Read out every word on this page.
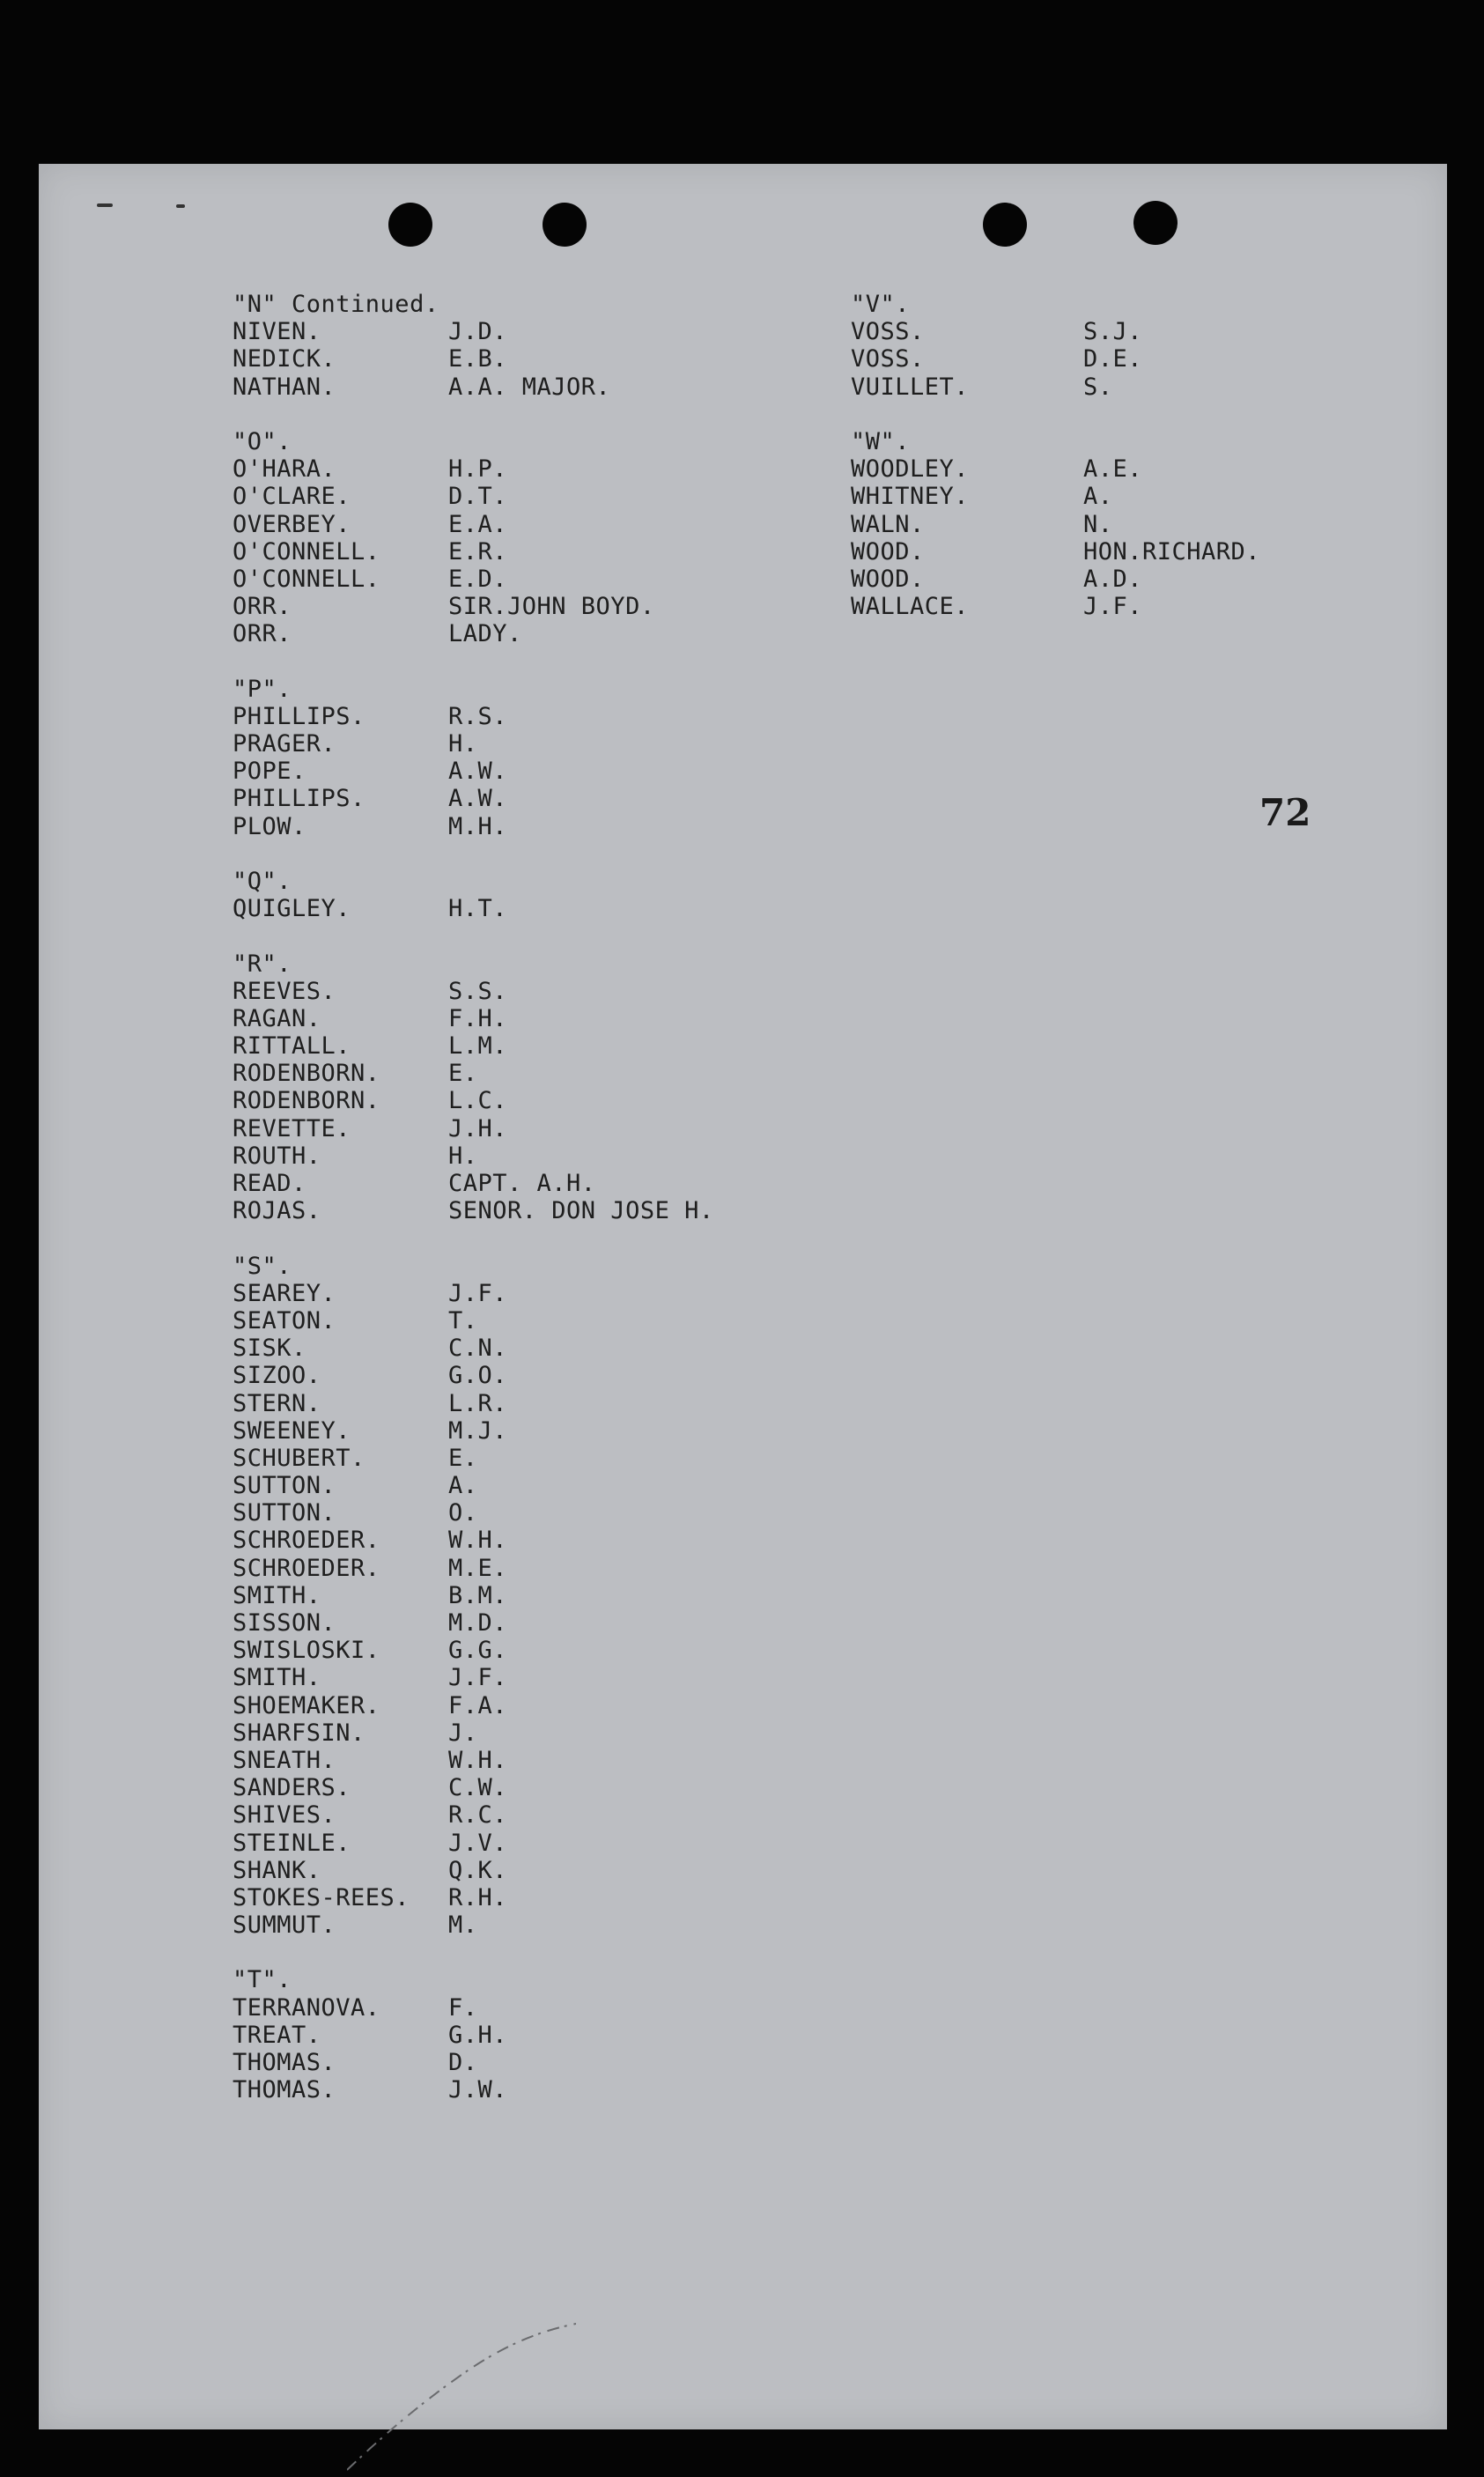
"N" Continued.
NIVEN.	J.D.
NEDICK.	E.B.
NATHAN.	A.A. MAJOR.
"O".
O'HARA.	H.P.
O'CLARE.	D.T.
OVERBEY.	E.A.
O'CONNELL.	E.R.
O'CONNELL.	E.D.
ORR.	SIR.JOHN BOYD.
ORR.	LADY.
"P".
PHILLIPS.	R.S.
PRAGER.	H.
POPE.	A.W.
PHILLIPS.	A.W.
PLOW.	M.H.
"Q".
QUIGLEY.	H.T.
"R".
REEVES.	S.S.
RAGAN.	F.H.
RITTALL.	L.M.
RODENBORN.	E.
RODENBORN.	L.C.
REVETTE.	J.H.
ROUTH.	H.
READ.	CAPT. A.H.
ROJAS.	SENOR. DON JOSE H.
"S".
SEAREY.	J.F.
SEATON.	T.
SISK.	C.N.
SIZOO.	G.O.
STERN.	L.R.
SWEENEY.	M.J.
SCHUBERT.	E.
SUTTON.	A.
SUTTON.	O.
SCHROEDER.	W.H.
SCHROEDER.	M.E.
SMITH.	B.M.
SISSON.	M.D.
SWISLOSKI.	G.G.
SMITH.	J.F.
SHOEMAKER.	F.A.
SHARFSIN.	J.
SNEATH.	W.H.
SANDERS.	C.W.
SHIVES.	R.C.
STEINLE.	J.V.
SHANK.	Q.K.
STOKES-REES.	R.H.
SUMMUT.	M.
"T".
TERRANOVA.	F.
TREAT.	G.H.
THOMAS.	D.
THOMAS.	J.W.
"V".
VOSS.	S.J.
VOSS.	D.E.
VUILLET.	S.
"W".
WOODLEY.	A.E.
WHITNEY.	A.
WALN.	N.
WOOD.	HON.RICHARD.
WOOD.	A.D.
WALLACE.	J.F.
72
